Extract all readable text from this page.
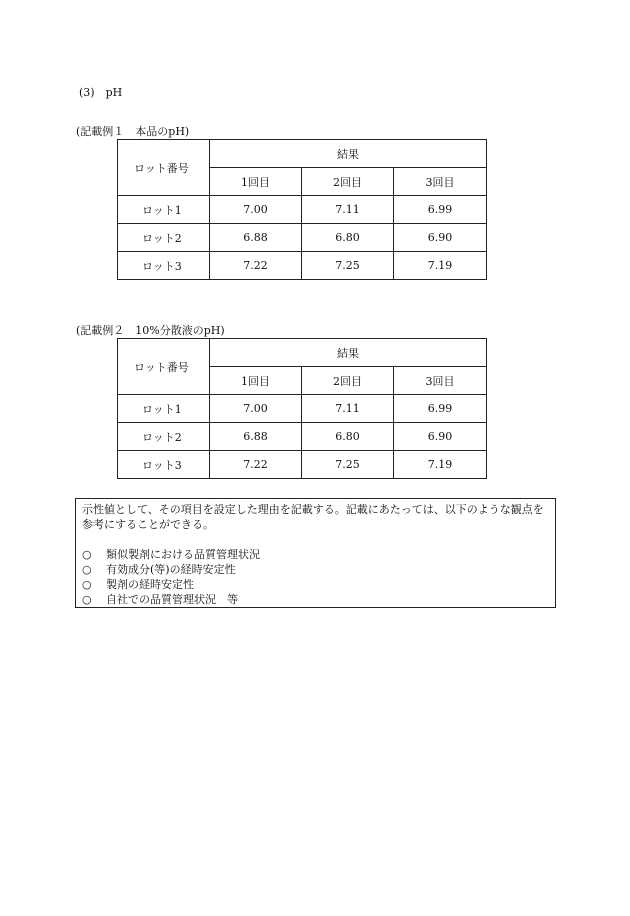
(3)　pH
(記載例１　本品のpH)
ロット番号	結果		
	1回目	2回目	3回目
ロット1	7.00	7.11	6.99
ロット2	6.88	6.80	6.90
ロット3	7.22	7.25	7.19
(記載例２　10%分散液のpH)
ロット番号	結果		
	1回目	2回目	3回目
ロット1	7.00	7.11	6.99
ロット2	6.88	6.80	6.90
ロット3	7.22	7.25	7.19
示性値として、その項目を設定した理由を記載する。記載にあたっては、以下のような観点を参考にすることができる。
○ 類似製剤における品質管理状況
○ 有効成分(等)の経時安定性
○ 製剤の経時安定性
○ 自社での品質管理状況　等
